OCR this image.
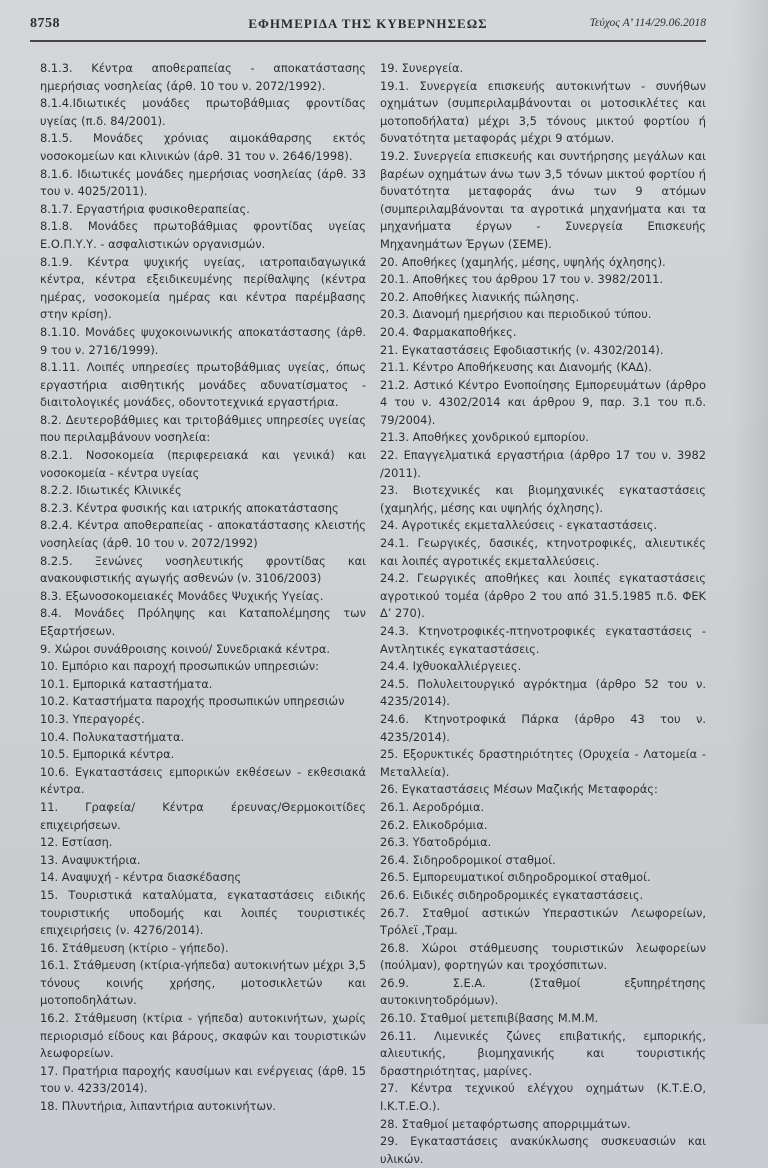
8758	ΕΦΗΜΕΡΙΔΑ ΤΗΣ ΚΥΒΕΡΝΗΣΕΩΣ	Τεύχος Α’ 114/29.06.2018

8.1.3. Κέντρα αποθεραπείας - αποκατάστασης ημερήσιας νοσηλείας (άρθ. 10 του ν. 2072/1992).

8.1.4.Ιδιωτικές μονάδες πρωτοβάθμιας φροντίδας υγείας (π.δ. 84/2001).

8.1.5. Μονάδες χρόνιας αιμοκάθαρσης εκτός νοσοκομείων και κλινικών (άρθ. 31 του ν. 2646/1998).

8.1.6. Ιδιωτικές μονάδες ημερήσιας νοσηλείας (άρθ. 33 του ν. 4025/2011).

8.1.7. Εργαστήρια φυσικοθεραπείας.

8.1.8. Μονάδες πρωτοβάθμιας φροντίδας υγείας Ε.Ο.Π.Υ.Υ. - ασφαλιστικών οργανισμών.

8.1.9. Κέντρα ψυχικής υγείας, ιατροπαιδαγωγικά κέντρα, κέντρα εξειδικευμένης περίθαλψης (κέντρα ημέρας, νοσοκομεία ημέρας και κέντρα παρέμβασης στην κρίση).

8.1.10. Μονάδες ψυχοκοινωνικής αποκατάστασης (άρθ. 9 του ν. 2716/1999).

8.1.11. Λοιπές υπηρεσίες πρωτοβάθμιας υγείας, όπως εργαστήρια αισθητικής μονάδες αδυνατίσματος - διαιτολογικές μονάδες, οδοντοτεχνικά εργαστήρια.

8.2. Δευτεροβάθμιες και τριτοβάθμιες υπηρεσίες υγείας που περιλαμβάνουν νοσηλεία:

8.2.1. Νοσοκομεία (περιφερειακά και γενικά) και νοσοκομεία - κέντρα υγείας

8.2.2. Ιδιωτικές Κλινικές

8.2.3. Κέντρα φυσικής και ιατρικής αποκατάστασης

8.2.4. Κέντρα αποθεραπείας - αποκατάστασης κλειστής νοσηλείας (άρθ. 10 του ν. 2072/1992)

8.2.5. Ξενώνες νοσηλευτικής φροντίδας και ανακουφιστικής αγωγής ασθενών (ν. 3106/2003)

8.3. Εξωνοσοκομειακές Μονάδες Ψυχικής Υγείας.

8.4. Μονάδες Πρόληψης και Καταπολέμησης των Εξαρτήσεων.

9. Χώροι συνάθροισης κοινού/ Συνεδριακά κέντρα.

10. Εμπόριο και παροχή προσωπικών υπηρεσιών:

10.1. Εμπορικά καταστήματα.

10.2. Καταστήματα παροχής προσωπικών υπηρεσιών

10.3. Υπεραγορές.

10.4. Πολυκαταστήματα.

10.5. Εμπορικά κέντρα.

10.6. Εγκαταστάσεις εμπορικών εκθέσεων - εκθεσιακά κέντρα.

11. Γραφεία/ Κέντρα έρευνας/Θερμοκοιτίδες επιχειρήσεων.

12. Εστίαση.

13. Αναψυκτήρια.

14. Αναψυχή - κέντρα διασκέδασης

15. Τουριστικά καταλύματα, εγκαταστάσεις ειδικής τουριστικής υποδομής και λοιπές τουριστικές επιχειρήσεις (ν. 4276/2014).

16. Στάθμευση (κτίριο - γήπεδο).

16.1. Στάθμευση (κτίρια-γήπεδα) αυτοκινήτων μέχρι 3,5 τόνους κοινής χρήσης, μοτοσικλετών και μοτοποδηλάτων.

16.2. Στάθμευση (κτίρια - γήπεδα) αυτοκινήτων, χωρίς περιορισμό είδους και βάρους, σκαφών και τουριστικών λεωφορείων.

17. Πρατήρια παροχής καυσίμων και ενέργειας (άρθ. 15 του ν. 4233/2014).

18. Πλυντήρια, λιπαντήρια αυτοκινήτων.

19. Συνεργεία.

19.1. Συνεργεία επισκευής αυτοκινήτων - συνήθων οχημάτων (συμπεριλαμβάνονται οι μοτοσικλέτες και μοτοποδήλατα) μέχρι 3,5 τόνους μικτού φορτίου ή δυνατότητα μεταφοράς μέχρι 9 ατόμων.

19.2. Συνεργεία επισκευής και συντήρησης μεγάλων και βαρέων οχημάτων άνω των 3,5 τόνων μικτού φορτίου ή δυνατότητα μεταφοράς άνω των 9 ατόμων (συμπεριλαμβάνονται τα αγροτικά μηχανήματα και τα μηχανήματα έργων - Συνεργεία Επισκευής Μηχανημάτων Έργων (ΣΕΜΕ).

20. Αποθήκες (χαμηλής, μέσης, υψηλής όχλησης).

20.1. Αποθήκες του άρθρου 17 του ν. 3982/2011.

20.2. Αποθήκες λιανικής πώλησης.

20.3. Διανομή ημερήσιου και περιοδικού τύπου.

20.4. Φαρμακαποθήκες.

21. Εγκαταστάσεις Εφοδιαστικής (ν. 4302/2014).

21.1. Κέντρο Αποθήκευσης και Διανομής (ΚΑΔ).

21.2. Αστικό Κέντρο Ενοποίησης Εμπορευμάτων (άρθρο 4 του ν. 4302/2014 και άρθρου 9, παρ. 3.1 του π.δ. 79/2004).

21.3. Αποθήκες χονδρικού εμπορίου.

22. Επαγγελματικά εργαστήρια (άρθρο 17 του ν. 3982 /2011).

23. Βιοτεχνικές και βιομηχανικές εγκαταστάσεις (χαμηλής, μέσης και υψηλής όχλησης).

24. Αγροτικές εκμεταλλεύσεις - εγκαταστάσεις.

24.1. Γεωργικές, δασικές, κτηνοτροφικές, αλιευτικές και λοιπές αγροτικές εκμεταλλεύσεις.

24.2. Γεωργικές αποθήκες και λοιπές εγκαταστάσεις αγροτικού τομέα (άρθρο 2 του από 31.5.1985 π.δ. ΦΕΚ Δ’ 270).

24.3. Κτηνοτροφικές-πτηνοτροφικές εγκαταστάσεις - Αντλητικές εγκαταστάσεις.

24.4. Ιχθυοκαλλιέργειες.

24.5. Πολυλειτουργικό αγρόκτημα (άρθρο 52 του ν. 4235/2014).

24.6. Κτηνοτροφικά Πάρκα (άρθρο 43 του ν. 4235/2014).

25. Εξορυκτικές δραστηριότητες (Ορυχεία - Λατομεία - Μεταλλεία).

26. Εγκαταστάσεις Μέσων Μαζικής Μεταφοράς:

26.1. Αεροδρόμια.

26.2. Ελικοδρόμια.

26.3. Υδατοδρόμια.

26.4. Σιδηροδρομικοί σταθμοί.

26.5. Εμπορευματικοί σιδηροδρομικοί σταθμοί.

26.6. Ειδικές σιδηροδρομικές εγκαταστάσεις.

26.7. Σταθμοί αστικών Υπεραστικών Λεωφορείων, Τρόλεϊ ,Τραμ.

26.8. Χώροι στάθμευσης τουριστικών λεωφορείων (πούλμαν), φορτηγών και τροχόσπιτων.

26.9. Σ.Ε.Α. (Σταθμοί εξυπηρέτησης αυτοκινητοδρόμων).

26.10. Σταθμοί μετεπιβίβασης Μ.Μ.Μ.

26.11. Λιμενικές ζώνες επιβατικής, εμπορικής, αλιευτικής, βιομηχανικής και τουριστικής δραστηριότητας, μαρίνες.

27. Κέντρα τεχνικού ελέγχου οχημάτων (Κ.Τ.Ε.Ο, Ι.Κ.Τ.Ε.Ο.).

28. Σταθμοί μεταφόρτωσης απορριμμάτων.

29. Εγκαταστάσεις ανακύκλωσης συσκευασιών και υλικών.
